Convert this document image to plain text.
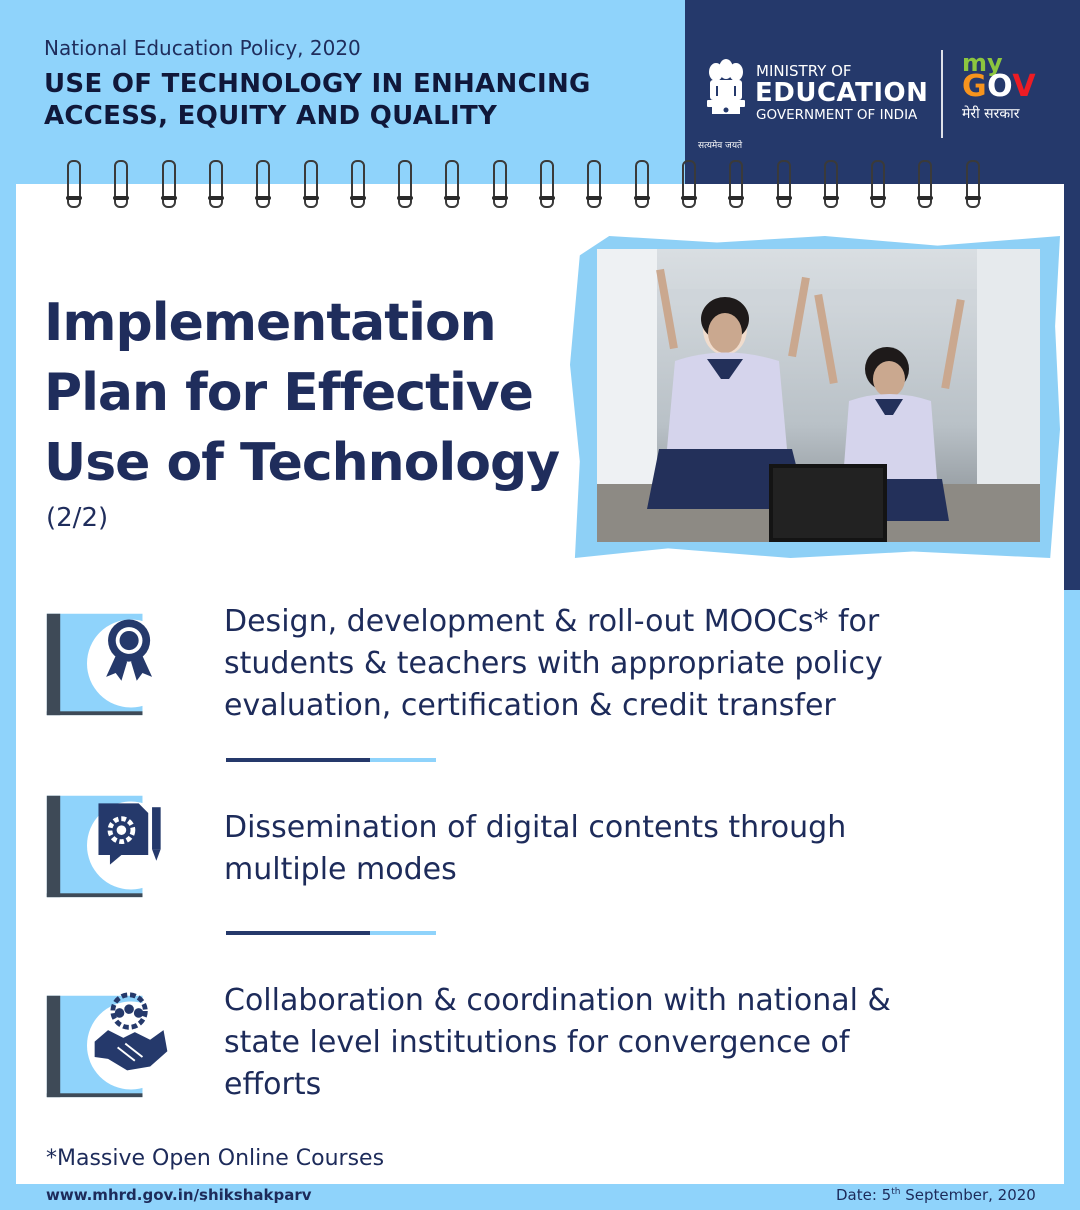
National Education Policy, 2020
USE OF TECHNOLOGY IN ENHANCING
ACCESS, EQUITY AND QUALITY
सत्यमेव जयते
MINISTRY OF
EDUCATION
GOVERNMENT OF INDIA
my
GOV
मेरी सरकार
Implementation
Plan for Effective
Use of Technology
(2/2)
Design, development & roll-out MOOCs* for
students & teachers with appropriate policy
evaluation, certification & credit transfer
Dissemination of digital contents through
multiple modes
Collaboration & coordination with national &
state level institutions for convergence of
efforts
*Massive Open Online Courses
www.mhrd.gov.in/shikshakparv	Date: 5th September, 2020
